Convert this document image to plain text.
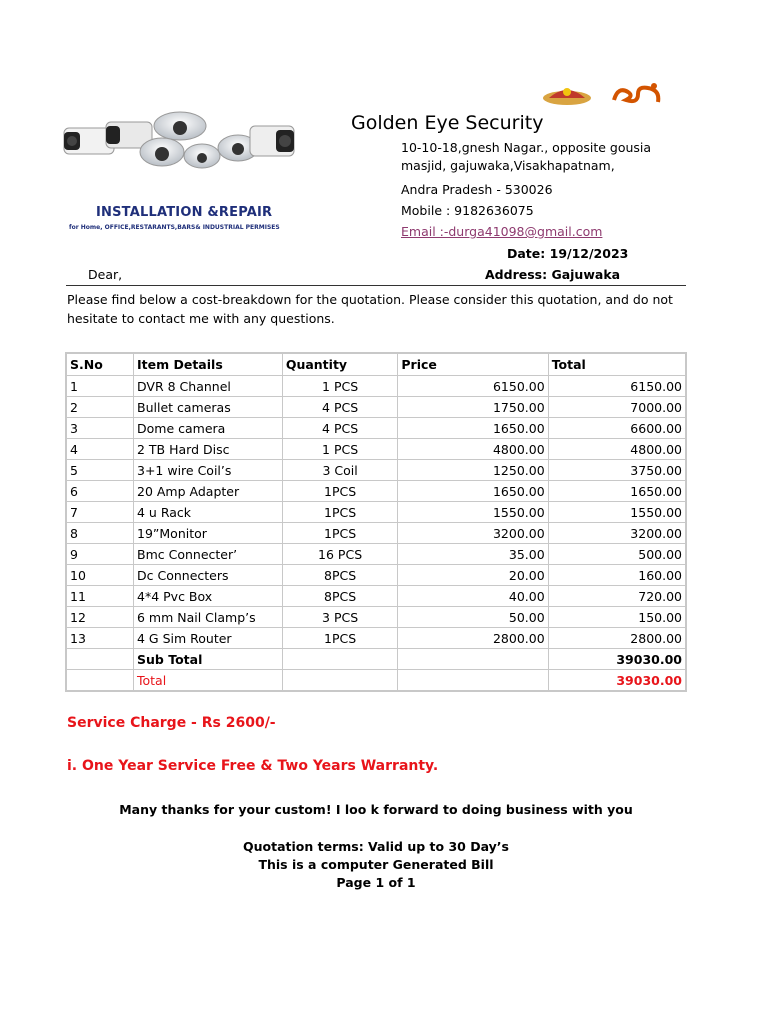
INSTALLATION &REPAIR
for Home, OFFICE,RESTARANTS,BARS& INDUSTRIAL PERMISES
Golden Eye Security
10-10-18,gnesh Nagar., opposite gousia masjid, gajuwaka,Visakhapatnam,
Andra Pradesh - 530026
Mobile : 9182636075
Email :-durga41098@gmail.com
Date: 19/12/2023
Dear,	Address: Gajuwaka
Please find below a cost-breakdown for the quotation. Please consider this quotation, and do not hesitate to contact me with any questions.
S.No	Item Details	Quantity	Price	Total
1	DVR 8 Channel	1 PCS	6150.00	6150.00
2	Bullet cameras	4 PCS	1750.00	7000.00
3	Dome camera	4 PCS	1650.00	6600.00
4	2 TB Hard Disc	1 PCS	4800.00	4800.00
5	3+1 wire Coil’s	3 Coil	1250.00	3750.00
6	20 Amp Adapter	1PCS	1650.00	1650.00
7	4 u Rack	1PCS	1550.00	1550.00
8	19”Monitor	1PCS	3200.00	3200.00
9	Bmc Connecter’	16 PCS	35.00	500.00
10	Dc Connecters	8PCS	20.00	160.00
11	4*4 Pvc Box	8PCS	40.00	720.00
12	6 mm Nail Clamp’s	3 PCS	50.00	150.00
13	4 G Sim Router	1PCS	2800.00	2800.00
	Sub Total			39030.00
	Total			39030.00
Service Charge - Rs 2600/-
i. One Year Service Free & Two Years Warranty.
Many thanks for your custom! I loo k forward to doing business with you
Quotation terms: Valid up to 30 Day’s
This is a computer Generated Bill
Page 1 of 1
